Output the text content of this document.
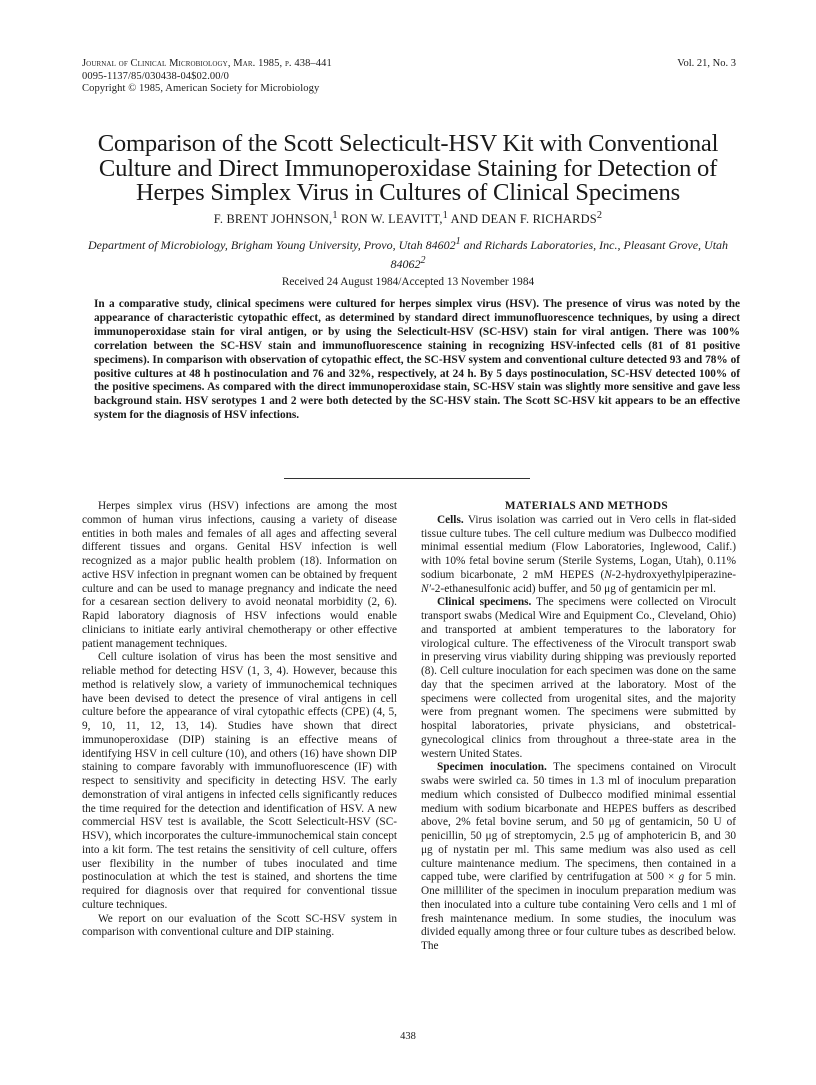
Journal of Clinical Microbiology, Mar. 1985, p. 438–441
0095-1137/85/030438-04$02.00/0
Copyright © 1985, American Society for Microbiology
Vol. 21, No. 3
Comparison of the Scott Selecticult-HSV Kit with Conventional Culture and Direct Immunoperoxidase Staining for Detection of Herpes Simplex Virus in Cultures of Clinical Specimens
F. BRENT JOHNSON,$^1$ RON W. LEAVITT,$^1$ AND DEAN F. RICHARDS$^2$
Department of Microbiology, Brigham Young University, Provo, Utah 84602$^1$ and Richards Laboratories, Inc., Pleasant Grove, Utah 84062$^2$
Received 24 August 1984/Accepted 13 November 1984
In a comparative study, clinical specimens were cultured for herpes simplex virus (HSV). The presence of virus was noted by the appearance of characteristic cytopathic effect, as determined by standard direct immunofluorescence techniques, by using a direct immunoperoxidase stain for viral antigen, or by using the Selecticult-HSV (SC-HSV) stain for viral antigen. There was 100% correlation between the SC-HSV stain and immunofluorescence staining in recognizing HSV-infected cells (81 of 81 positive specimens). In comparison with observation of cytopathic effect, the SC-HSV system and conventional culture detected 93 and 78% of positive cultures at 48 h postinoculation and 76 and 32%, respectively, at 24 h. By 5 days postinoculation, SC-HSV detected 100% of the positive specimens. As compared with the direct immunoperoxidase stain, SC-HSV stain was slightly more sensitive and gave less background stain. HSV serotypes 1 and 2 were both detected by the SC-HSV stain. The Scott SC-HSV kit appears to be an effective system for the diagnosis of HSV infections.

Herpes simplex virus (HSV) infections are among the most common of human virus infections, causing a variety of disease entities in both males and females of all ages and affecting several different tissues and organs. Genital HSV infection is well recognized as a major public health problem (18). Information on active HSV infection in pregnant women can be obtained by frequent culture and can be used to manage pregnancy and indicate the need for a cesarean section delivery to avoid neonatal morbidity (2, 6). Rapid laboratory diagnosis of HSV infections would enable clinicians to initiate early antiviral chemotherapy or other effective patient management techniques.

Cell culture isolation of virus has been the most sensitive and reliable method for detecting HSV (1, 3, 4). However, because this method is relatively slow, a variety of immunochemical techniques have been devised to detect the presence of viral antigens in cell culture before the appearance of viral cytopathic effects (CPE) (4, 5, 9, 10, 11, 12, 13, 14). Studies have shown that direct immunoperoxidase (DIP) staining is an effective means of identifying HSV in cell culture (10), and others (16) have shown DIP staining to compare favorably with immunofluorescence (IF) with respect to sensitivity and specificity in detecting HSV. The early demonstration of viral antigens in infected cells significantly reduces the time required for the detection and identification of HSV. A new commercial HSV test is available, the Scott Selecticult-HSV (SC-HSV), which incorporates the culture-immunochemical stain concept into a kit form. The test retains the sensitivity of cell culture, offers user flexibility in the number of tubes inoculated and time postinoculation at which the test is stained, and shortens the time required for diagnosis over that required for conventional tissue culture techniques.

We report on our evaluation of the Scott SC-HSV system in comparison with conventional culture and DIP staining.

MATERIALS AND METHODS

Cells. Virus isolation was carried out in Vero cells in flat-sided tissue culture tubes. The cell culture medium was Dulbecco modified minimal essential medium (Flow Laboratories, Inglewood, Calif.) with 10% fetal bovine serum (Sterile Systems, Logan, Utah), 0.11% sodium bicarbonate, 2 mM HEPES (N-2-hydroxyethylpiperazine-N′-2-ethanesulfonic acid) buffer, and 50 μg of gentamicin per ml.

Clinical specimens. The specimens were collected on Virocult transport swabs (Medical Wire and Equipment Co., Cleveland, Ohio) and transported at ambient temperatures to the laboratory for virological culture. The effectiveness of the Virocult transport swab in preserving virus viability during shipping was previously reported (8). Cell culture inoculation for each specimen was done on the same day that the specimen arrived at the laboratory. Most of the specimens were collected from urogenital sites, and the majority were from pregnant women. The specimens were submitted by hospital laboratories, private physicians, and obstetrical-gynecological clinics from throughout a three-state area in the western United States.

Specimen inoculation. The specimens contained on Virocult swabs were swirled ca. 50 times in 1.3 ml of inoculum preparation medium which consisted of Dulbecco modified minimal essential medium with sodium bicarbonate and HEPES buffers as described above, 2% fetal bovine serum, and 50 μg of gentamicin, 50 U of penicillin, 50 μg of streptomycin, 2.5 μg of amphotericin B, and 30 μg of nystatin per ml. This same medium was also used as cell culture maintenance medium. The specimens, then contained in a capped tube, were clarified by centrifugation at 500 × g for 5 min. One milliliter of the specimen in inoculum preparation medium was then inoculated into a culture tube containing Vero cells and 1 ml of fresh maintenance medium. In some studies, the inoculum was divided equally among three or four culture tubes as described below. The

438
